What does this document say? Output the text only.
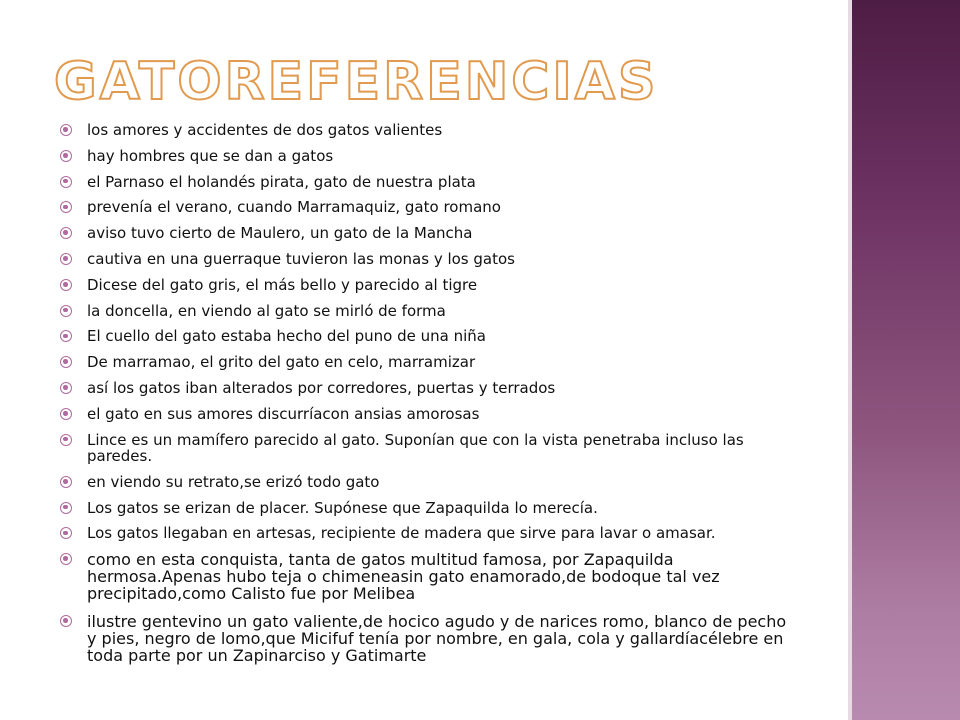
GATOREFERENCIAS
los amores y accidentes de dos gatos valientes
hay hombres que se dan a gatos
el Parnaso el holandés pirata, gato de nuestra plata
prevenía el verano, cuando Marramaquiz, gato romano
aviso tuvo cierto de Maulero, un gato de la Mancha
cautiva en una guerraque tuvieron las monas y los gatos
Dicese del gato gris, el más bello y parecido al tigre
la doncella, en viendo al gato se mirló de forma
El cuello del gato estaba hecho del puno de una niña
De marramao, el grito del gato en celo, marramizar
así los gatos iban alterados por corredores, puertas y terrados
el gato en sus amores discurríacon ansias amorosas
Lince es un mamífero parecido al gato. Suponían que con la vista penetraba incluso las paredes.
en viendo su retrato,se erizó todo gato
Los gatos se erizan de placer. Supónese que Zapaquilda lo merecía.
Los gatos llegaban en artesas, recipiente de madera que sirve para lavar o amasar.
como en esta conquista, tanta de gatos multitud famosa, por Zapaquilda hermosa.Apenas hubo teja o chimeneasin gato enamorado,de bodoque tal vez precipitado,como Calisto fue por Melibea
ilustre gentevino un gato valiente,de hocico agudo y de narices romo, blanco de pecho y pies, negro de lomo,que Micifuf tenía por nombre, en gala, cola y gallardíacélebre en toda parte por un Zapinarciso y Gatimarte
